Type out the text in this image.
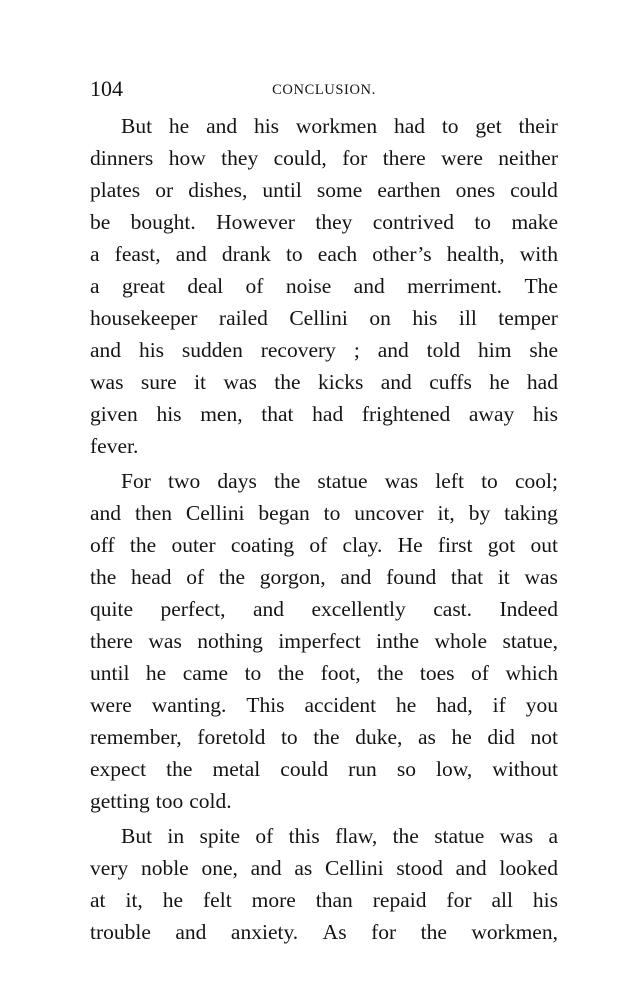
104	CONCLUSION.
But he and his workmen had to get their
dinners how they could, for there were neither
plates or dishes, until some earthen ones could
be bought. However they contrived to make
a feast, and drank to each other’s health, with
a great deal of noise and merriment. The
housekeeper railed Cellini on his ill temper
and his sudden recovery ; and told him she
was sure it was the kicks and cuffs he had
given his men, that had frightened away his
fever.
For two days the statue was left to cool;
and then Cellini began to uncover it, by taking
off the outer coating of clay. He first got out
the head of the gorgon, and found that it was
quite perfect, and excellently cast. Indeed
there was nothing imperfect inthe whole statue,
until he came to the foot, the toes of which
were wanting. This accident he had, if you
remember, foretold to the duke, as he did not
expect the metal could run so low, without
getting too cold.
But in spite of this flaw, the statue was a
very noble one, and as Cellini stood and looked
at it, he felt more than repaid for all his
trouble and anxiety. As for the workmen,
